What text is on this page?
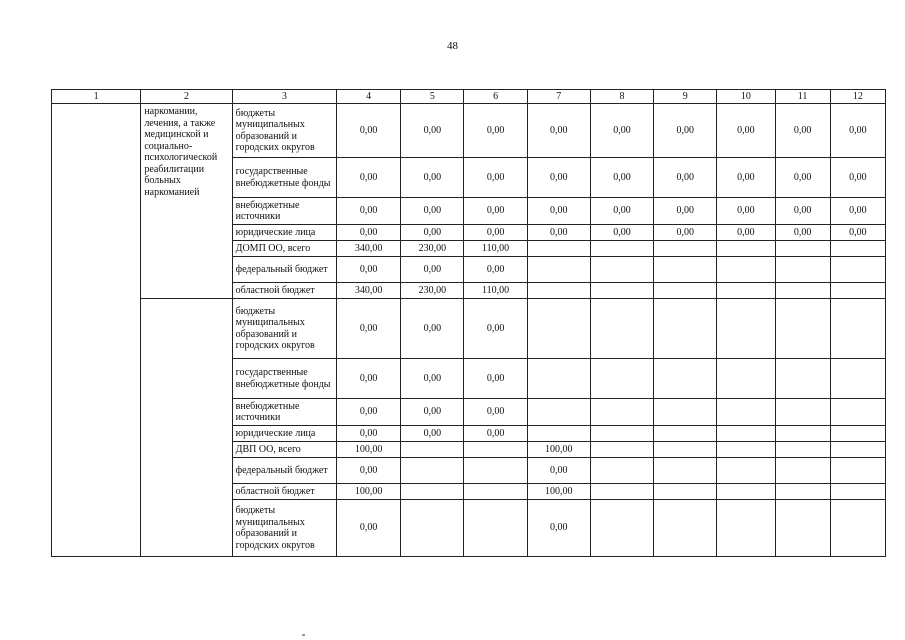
48
1	2	3	4	5	6	7	8	9	10	11	12
	наркомании, лечения, а также медицинской и социально-психологической реабилитации больных наркоманией	бюджеты муниципальных образований и городских округов	0,00	0,00	0,00	0,00	0,00	0,00	0,00	0,00	0,00
		государственные внебюджетные фонды	0,00	0,00	0,00	0,00	0,00	0,00	0,00	0,00	0,00
		внебюджетные источники	0,00	0,00	0,00	0,00	0,00	0,00	0,00	0,00	0,00
		юридические лица	0,00	0,00	0,00	0,00	0,00	0,00	0,00	0,00	0,00
		ДОМП ОО, всего	340,00	230,00	110,00						
		федеральный бюджет	0,00	0,00	0,00						
		областной бюджет	340,00	230,00	110,00						
		бюджеты муниципальных образований и городских округов	0,00	0,00	0,00						
		государственные внебюджетные фонды	0,00	0,00	0,00						
		внебюджетные источники	0,00	0,00	0,00						
		юридические лица	0,00	0,00	0,00						
		ДВП ОО, всего	100,00			100,00					
		федеральный бюджет	0,00			0,00					
		областной бюджет	100,00			100,00					
		бюджеты муниципальных образований и городских округов	0,00			0,00					
